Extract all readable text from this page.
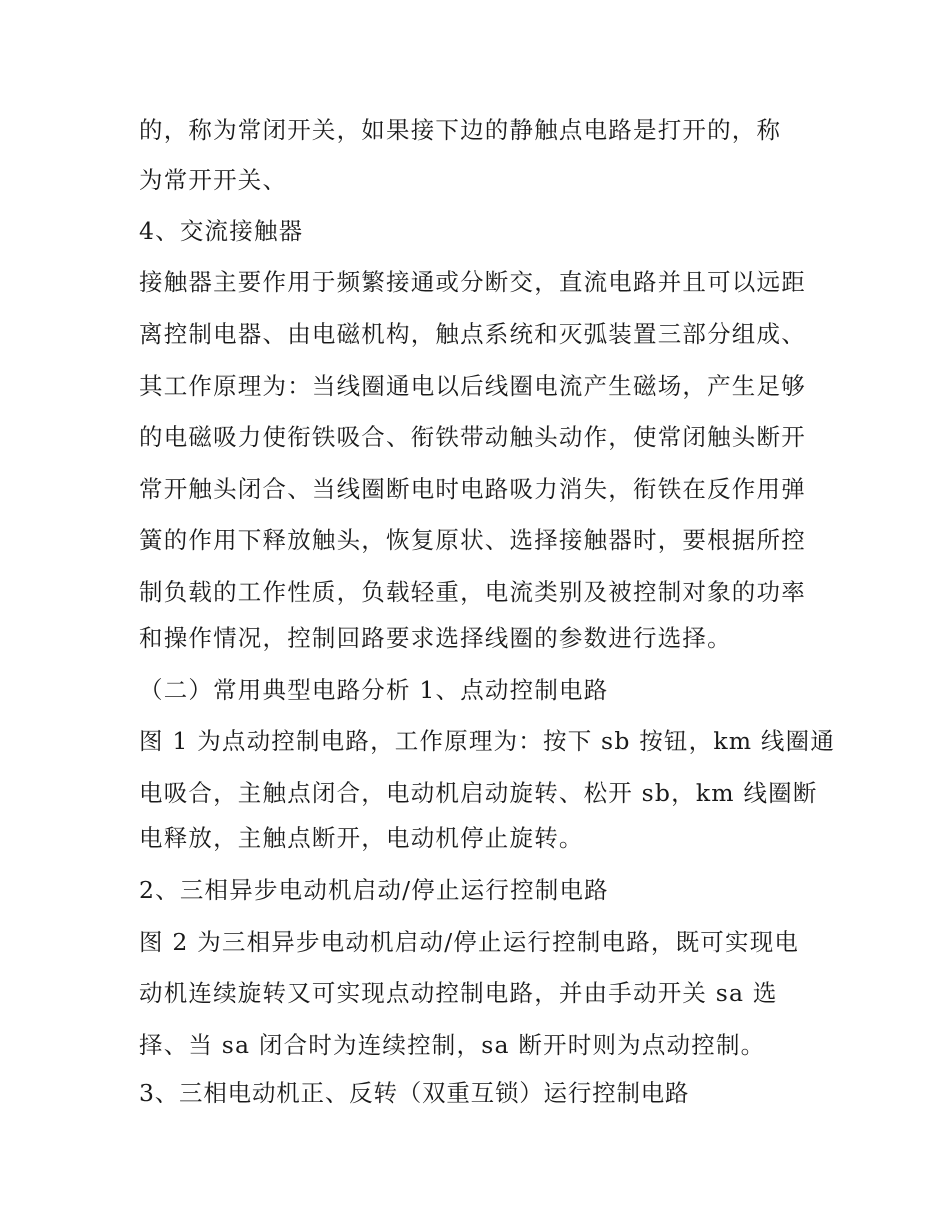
的，称为常闭开关，如果接下边的静触点电路是打开的，称
为常开开关、
4、交流接触器
接触器主要作用于频繁接通或分断交，直流电路并且可以远距
离控制电器、由电磁机构，触点系统和灭弧装置三部分组成、
其工作原理为：当线圈通电以后线圈电流产生磁场，产生足够
的电磁吸力使衔铁吸合、衔铁带动触头动作，使常闭触头断开
常开触头闭合、当线圈断电时电路吸力消失，衔铁在反作用弹
簧的作用下释放触头，恢复原状、选择接触器时，要根据所控
制负载的工作性质，负载轻重，电流类别及被控制对象的功率
和操作情况，控制回路要求选择线圈的参数进行选择。
（二）常用典型电路分析 1、点动控制电路
图 1 为点动控制电路，工作原理为：按下 sb 按钮，km 线圈通
电吸合，主触点闭合，电动机启动旋转、松开 sb，km 线圈断
电释放，主触点断开，电动机停止旋转。
2、三相异步电动机启动/停止运行控制电路
图 2 为三相异步电动机启动/停止运行控制电路，既可实现电
动机连续旋转又可实现点动控制电路，并由手动开关 sa 选
择、当 sa 闭合时为连续控制，sa 断开时则为点动控制。
3、三相电动机正、反转（双重互锁）运行控制电路
